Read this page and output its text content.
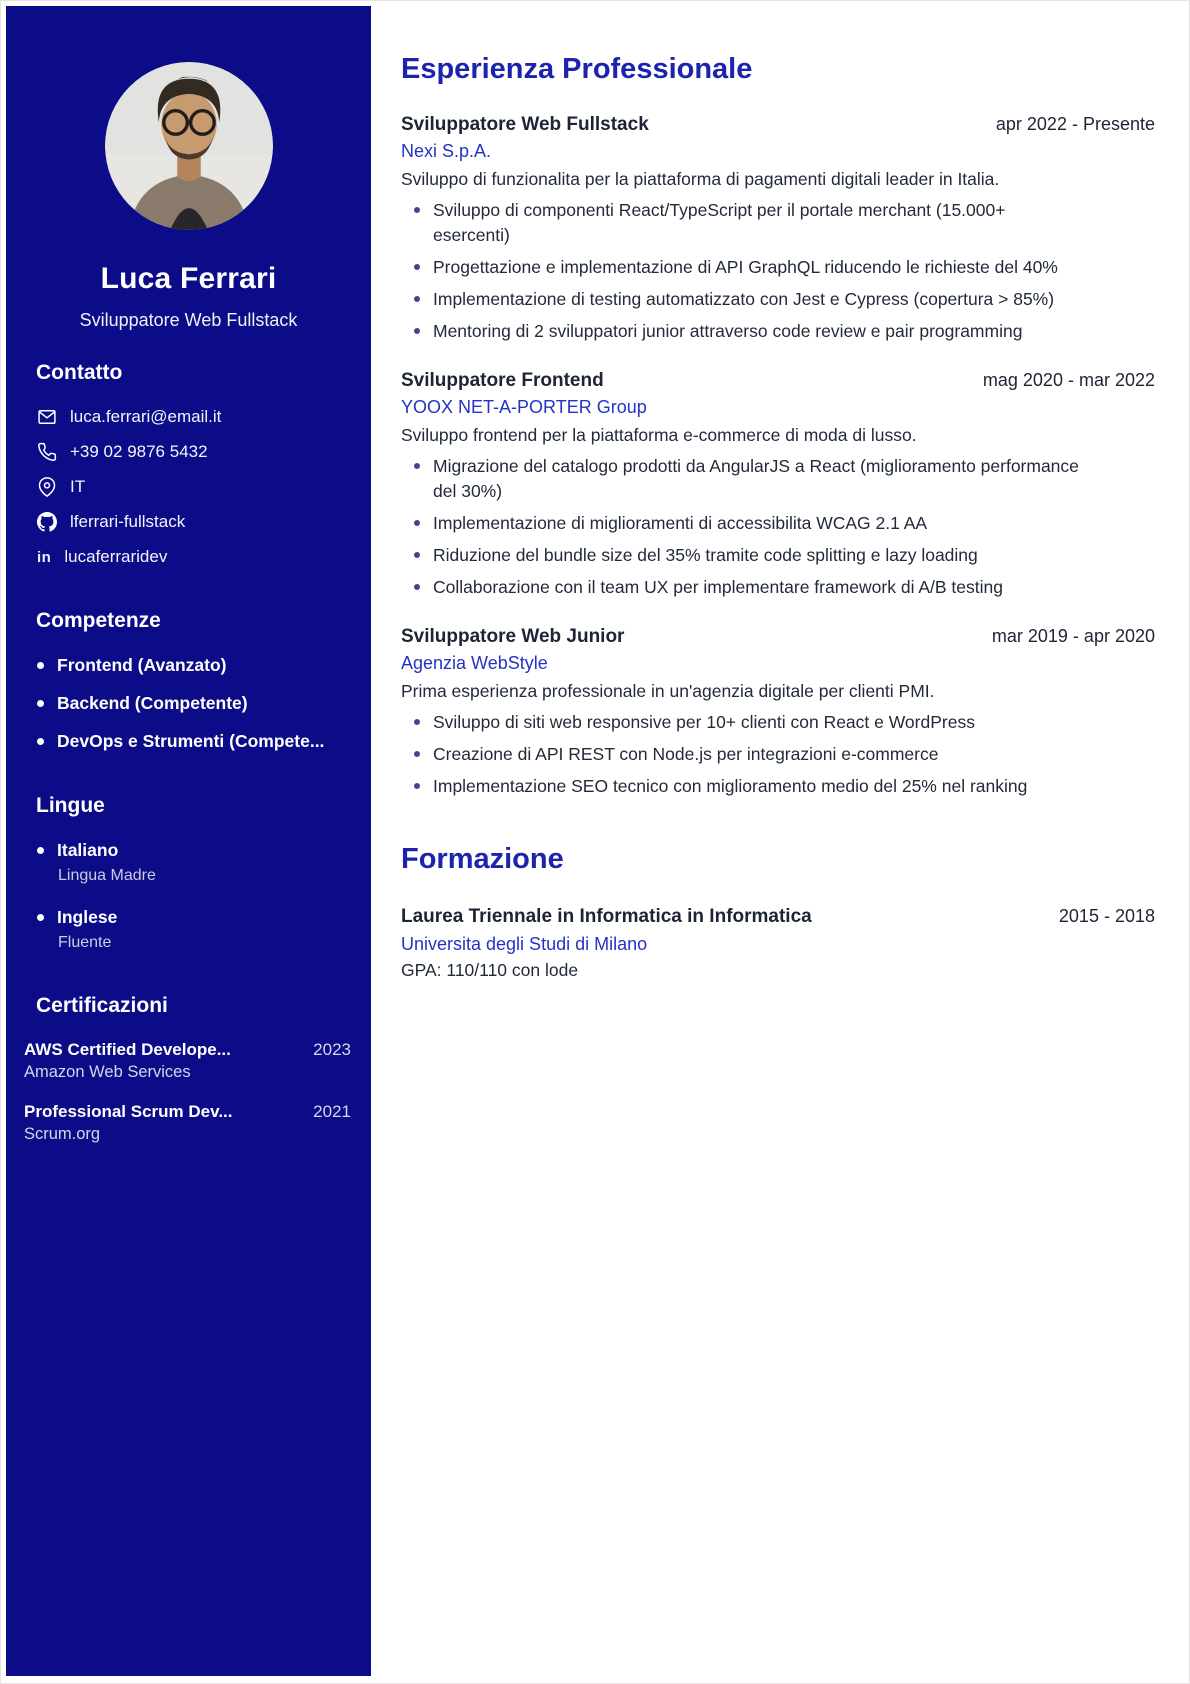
Luca Ferrari
Sviluppatore Web Fullstack
Contatto
luca.ferrari@email.it
+39 02 9876 5432
IT
lferrari-fullstack
in lucaferraridev
Competenze
Frontend (Avanzato)
Backend (Competente)
DevOps e Strumenti (Compete...
Lingue
Italiano
Lingua Madre
Inglese
Fluente
Certificazioni
AWS Certified Develope...	2023
Amazon Web Services
Professional Scrum Dev...	2021
Scrum.org
Esperienza Professionale
Sviluppatore Web Fullstack	apr 2022 - Presente
Nexi S.p.A.

Sviluppo di funzionalita per la piattaforma di pagamenti digitali leader in Italia.

Sviluppo di componenti React/TypeScript per il portale merchant (15.000+ esercenti)
Progettazione e implementazione di API GraphQL riducendo le richieste del 40%
Implementazione di testing automatizzato con Jest e Cypress (copertura > 85%)
Mentoring di 2 sviluppatori junior attraverso code review e pair programming
Sviluppatore Frontend	mag 2020 - mar 2022
YOOX NET-A-PORTER Group

Sviluppo frontend per la piattaforma e-commerce di moda di lusso.

Migrazione del catalogo prodotti da AngularJS a React (miglioramento performance del 30%)
Implementazione di miglioramenti di accessibilita WCAG 2.1 AA
Riduzione del bundle size del 35% tramite code splitting e lazy loading
Collaborazione con il team UX per implementare framework di A/B testing
Sviluppatore Web Junior	mar 2019 - apr 2020
Agenzia WebStyle

Prima esperienza professionale in un'agenzia digitale per clienti PMI.

Sviluppo di siti web responsive per 10+ clienti con React e WordPress
Creazione di API REST con Node.js per integrazioni e-commerce
Implementazione SEO tecnico con miglioramento medio del 25% nel ranking
Formazione
Laurea Triennale in Informatica in Informatica	2015 - 2018
Universita degli Studi di Milano
GPA: 110/110 con lode
